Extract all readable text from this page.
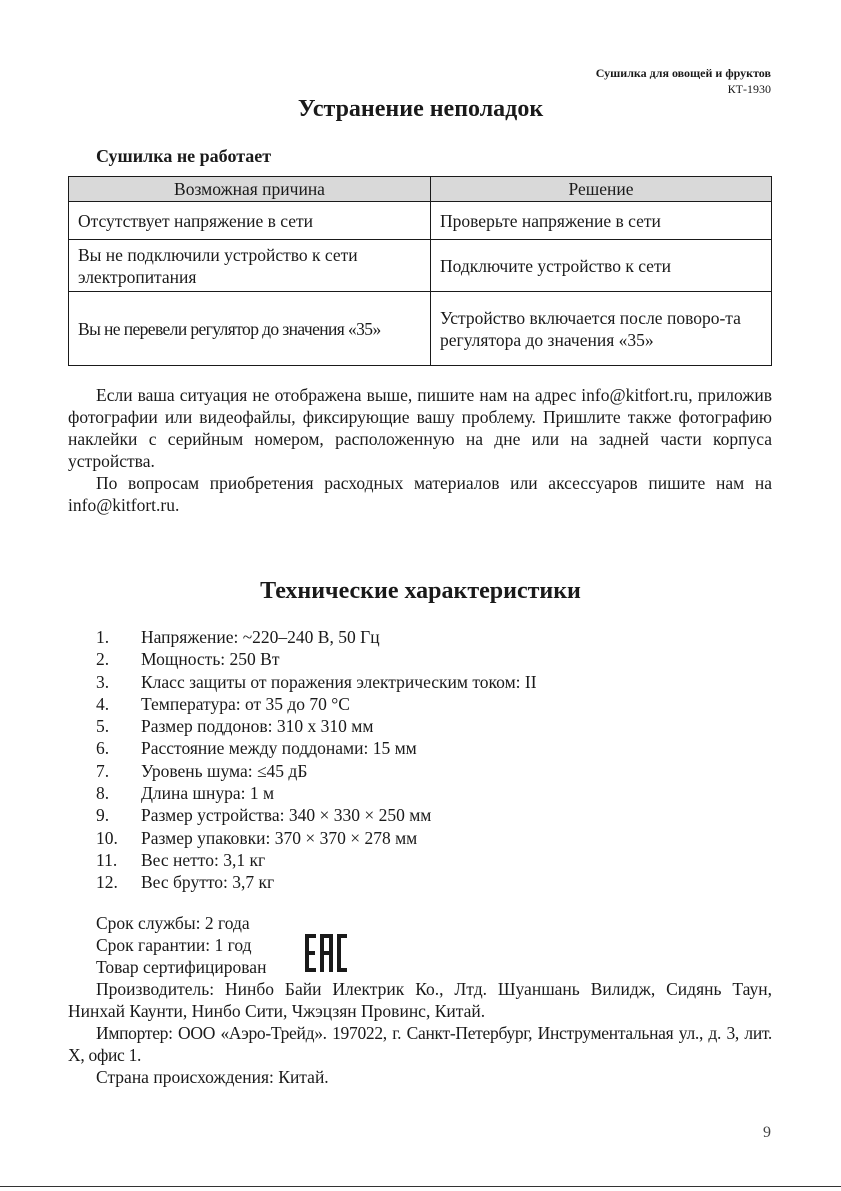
Сушилка для овощей и фруктов
КТ-1930
Устранение неполадок
Сушилка не работает
Возможная причина	Решение
Отсутствует напряжение в сети	Проверьте напряжение в сети
Вы не подключили устройство к сети электропитания	Подключите устройство к сети
Вы не перевели регулятор до значения «35»	Устройство включается после поворо-та регулятора до значения «35»

Если ваша ситуация не отображена выше, пишите нам на адрес info@kitfort.ru, приложив фотографии или видеофайлы, фиксирующие вашу проблему. Пришлите также фотографию наклейки с серийным номером, расположенную на дне или на задней части корпуса устройства.

По вопросам приобретения расходных материалов или аксессуаров пишите нам на info@kitfort.ru.

Технические характеристики
1.	Напряжение: ~220–240 В, 50 Гц
2.	Мощность: 250 Вт
3.	Класс защиты от поражения электрическим током: II
4.	Температура: от 35 до 70 °С
5.	Размер поддонов: 310 х 310 мм
6.	Расстояние между поддонами: 15 мм
7.	Уровень шума: ≤45 дБ
8.	Длина шнура: 1 м
9.	Размер устройства: 340 × 330 × 250 мм
10.	Размер упаковки: 370 × 370 × 278 мм
11.	Вес нетто: 3,1 кг
12.	Вес брутто: 3,7 кг
Срок службы: 2 года
Срок гарантии: 1 год
Товар сертифицирован

Производитель: Нинбо Байи Илектрик Ко., Лтд. Шуаншань Вилидж, Сидянь Таун, Нинхай Каунти, Нинбо Сити, Чжэцзян Провинс, Китай.

Импортер: ООО «Аэро-Трейд». 197022, г. Санкт-Петербург, Инструментальная ул., д. 3, лит. Х, офис 1.

Страна происхождения: Китай.
9
